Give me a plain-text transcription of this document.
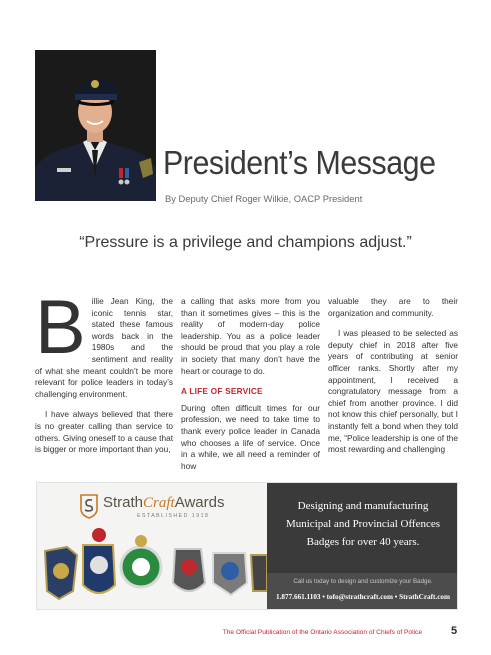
President’s Message
By Deputy Chief Roger Wilkie, OACP President
“Pressure is a privilege and champions adjust.”

Billie Jean King, the iconic tennis star, stated these famous words back in the 1980s and the sentiment and reality of what she meant couldn’t be more relevant for police leaders in today’s challenging environment.

I have always believed that there is no greater calling than service to others. Giving oneself to a cause that is bigger or more important than you,

a calling that asks more from you than it sometimes gives – this is the reality of modern-day police leadership. You as a police leader should be proud that you play a role in society that many don’t have the heart or courage to do.

A LIFE OF SERVICE

During often difficult times for our profession, we need to take time to thank every police leader in Canada who chooses a life of service. Once in a while, we all need a reminder of how

valuable they are to their organization and community.

I was pleased to be selected as deputy chief in 2018 after five years of contributing at senior officer ranks. Shortly after my appointment, I received a congratulatory message from a chief from another province. I did not know this chief personally, but I instantly felt a bond when they told me, “Police leadership is one of the most rewarding and challenging

StrathCraftAwards
ESTABLISHED 1918
Designing and manufacturing
Municipal and Provincial Offences
Badges for over 40 years.
Call us today to design and customize your Badge.
1.877.661.1103 • tofo@strathcraft.com • StrathCraft.com
The Official Publication of the Ontario Association of Chiefs of Police	5
